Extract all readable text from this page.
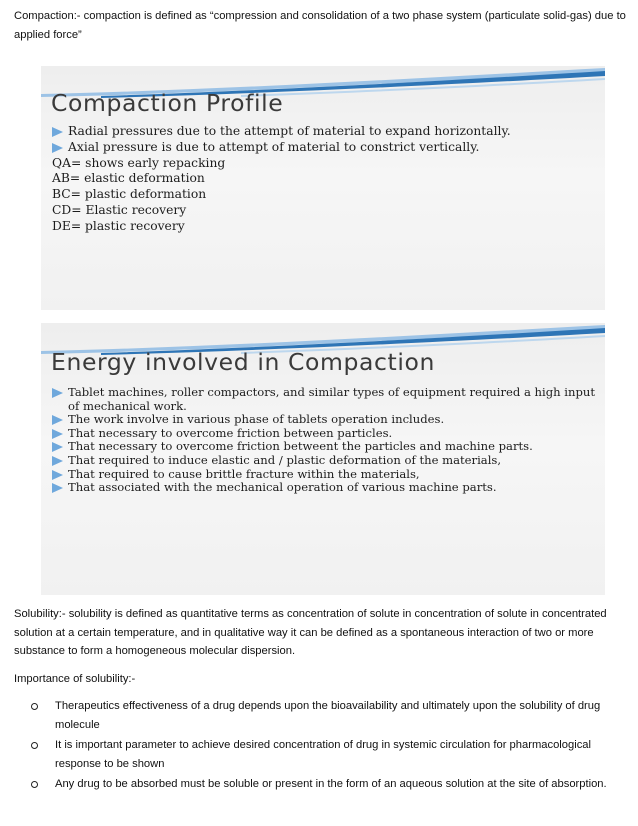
Compaction:- compaction is defined as “compression and consolidation of a two phase system (particulate solid-gas) due to applied force”

Compaction Profile
Radial pressures due to the attempt of material to expand horizontally.
Axial pressure is due to attempt of material to constrict vertically.
QA= shows early repacking
AB= elastic deformation
BC= plastic deformation
CD= Elastic recovery
DE= plastic recovery
Energy involved in Compaction
Tablet machines, roller compactors, and similar types of equipment required a high input of mechanical work.
The work involve in various phase of tablets operation includes.
That necessary to overcome friction between particles.
That necessary to overcome friction betweent the particles and machine parts.
That required to induce elastic and / plastic deformation of the materials,
That required to cause brittle fracture within the materials,
That associated with the mechanical operation of various machine parts.

Solubility:- solubility is defined as quantitative terms as concentration of solute in concentration of solute in concentrated solution at a certain temperature, and in qualitative way it can be defined as a spontaneous interaction of two or more substance to form a homogeneous molecular dispersion.

Importance of solubility:-

Therapeutics effectiveness of a drug depends upon the bioavailability and ultimately upon the solubility of drug molecule
It is important parameter to achieve desired concentration of drug in systemic circulation for pharmacological response to be shown
Any drug to be absorbed must be soluble or present in the form of an aqueous solution at the site of absorption.
